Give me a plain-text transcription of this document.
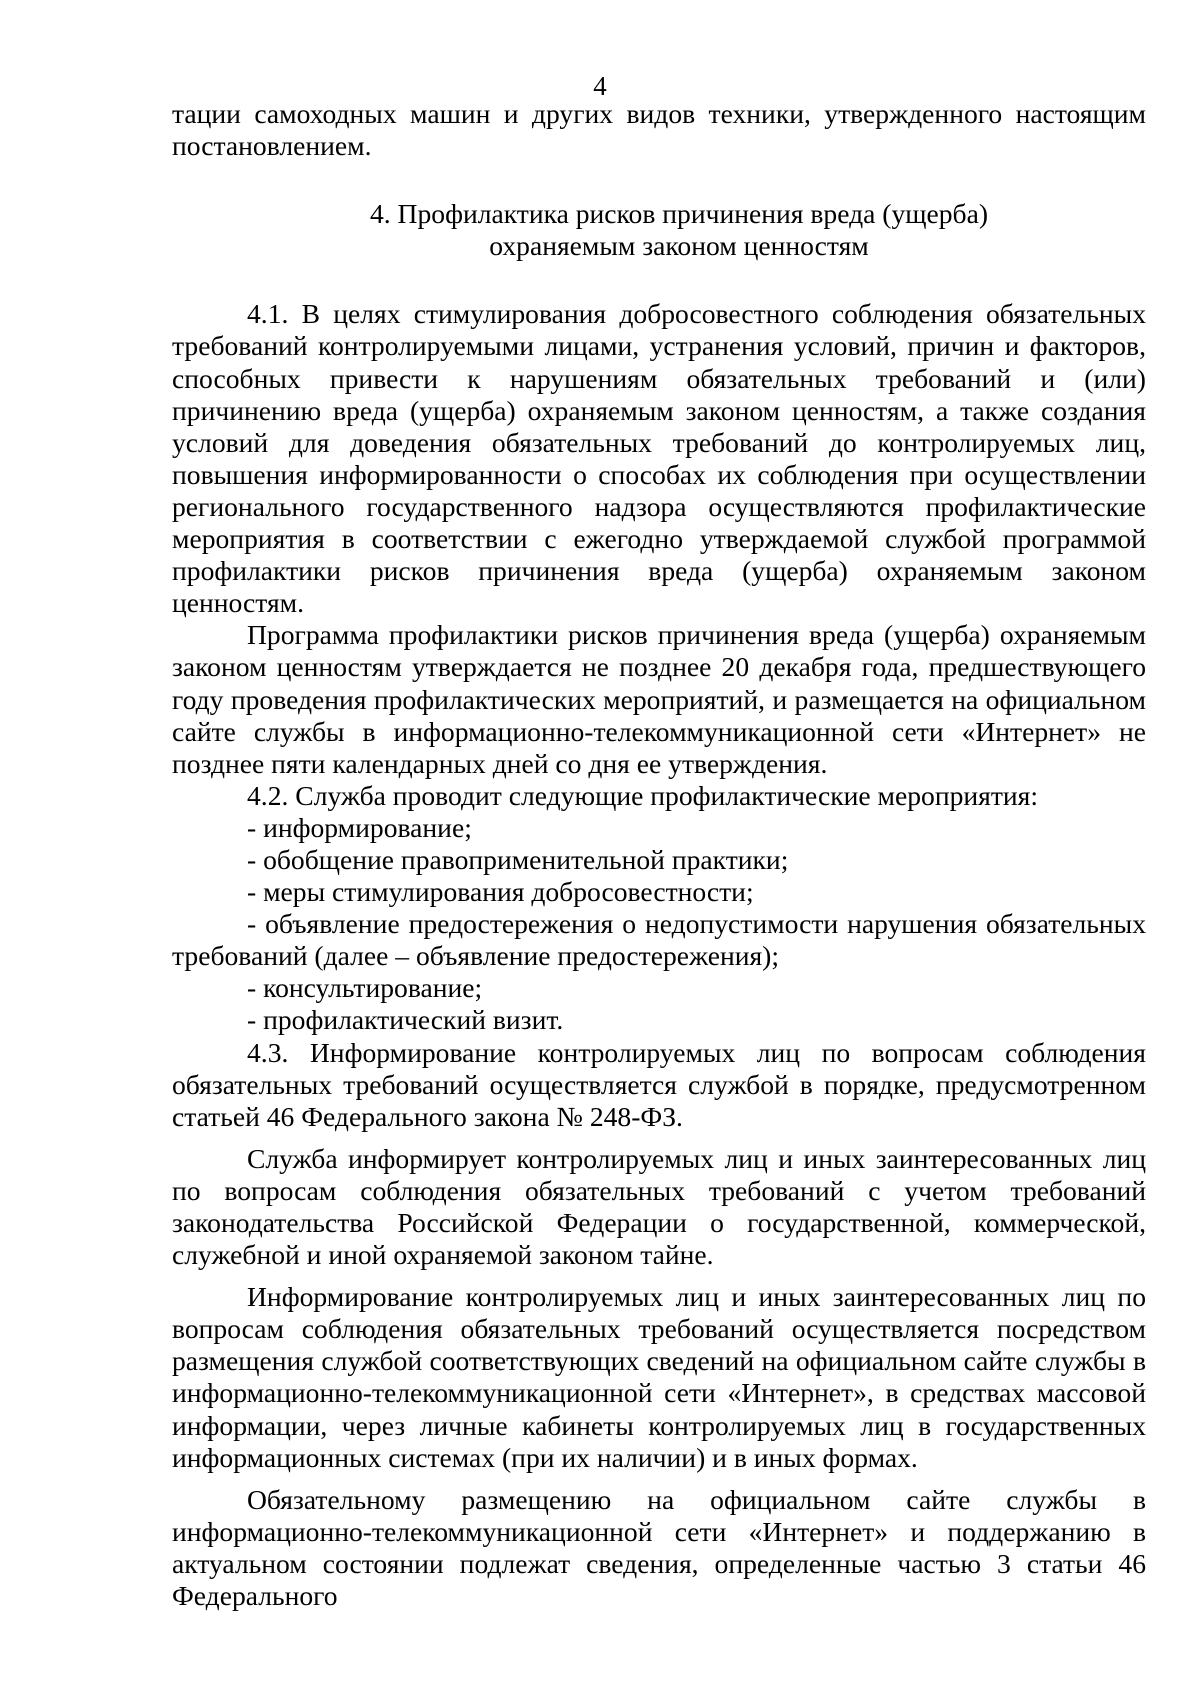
4

тации самоходных машин и других видов техники, утвержденного настоящим постановлением.

4. Профилактика рисков причинения вреда (ущерба)
охраняемым законом ценностям

4.1. В целях стимулирования добросовестного соблюдения обязательных требований контролируемыми лицами, устранения условий, причин и факторов, способных привести к нарушениям обязательных требований и (или) причинению вреда (ущерба) охраняемым законом ценностям, а также создания условий для доведения обязательных требований до контролируемых лиц, повышения информированности о способах их соблюдения при осуществлении регионального государственного надзора осуществляются профилактические мероприятия в соответствии с ежегодно утверждаемой службой программой профилактики рисков причинения вреда (ущерба) охраняемым законом ценностям.

Программа профилактики рисков причинения вреда (ущерба) охраняемым законом ценностям утверждается не позднее 20 декабря года, предшествующего году проведения профилактических мероприятий, и размещается на официальном сайте службы в информационно-телекоммуникационной сети «Интернет» не позднее пяти календарных дней со дня ее утверждения.

4.2. Служба проводит следующие профилактические мероприятия:

- информирование;

- обобщение правоприменительной практики;

- меры стимулирования добросовестности;

- объявление предостережения о недопустимости нарушения обязательных требований (далее – объявление предостережения);

- консультирование;

- профилактический визит.

4.3. Информирование контролируемых лиц по вопросам соблюдения обязательных требований осуществляется службой в порядке, предусмотренном статьей 46 Федерального закона № 248-ФЗ.

Служба информирует контролируемых лиц и иных заинтересованных лиц по вопросам соблюдения обязательных требований с учетом требований законодательства Российской Федерации о государственной, коммерческой, служебной и иной охраняемой законом тайне.

Информирование контролируемых лиц и иных заинтересованных лиц по вопросам соблюдения обязательных требований осуществляется посредством размещения службой соответствующих сведений на официальном сайте службы в информационно-телекоммуникационной сети «Интернет», в средствах массовой информации, через личные кабинеты контролируемых лиц в государственных информационных системах (при их наличии) и в иных формах.

Обязательному размещению на официальном сайте службы в информационно-телекоммуникационной сети «Интернет» и поддержанию в актуальном состоянии подлежат сведения, определенные частью 3 статьи 46 Федерального
